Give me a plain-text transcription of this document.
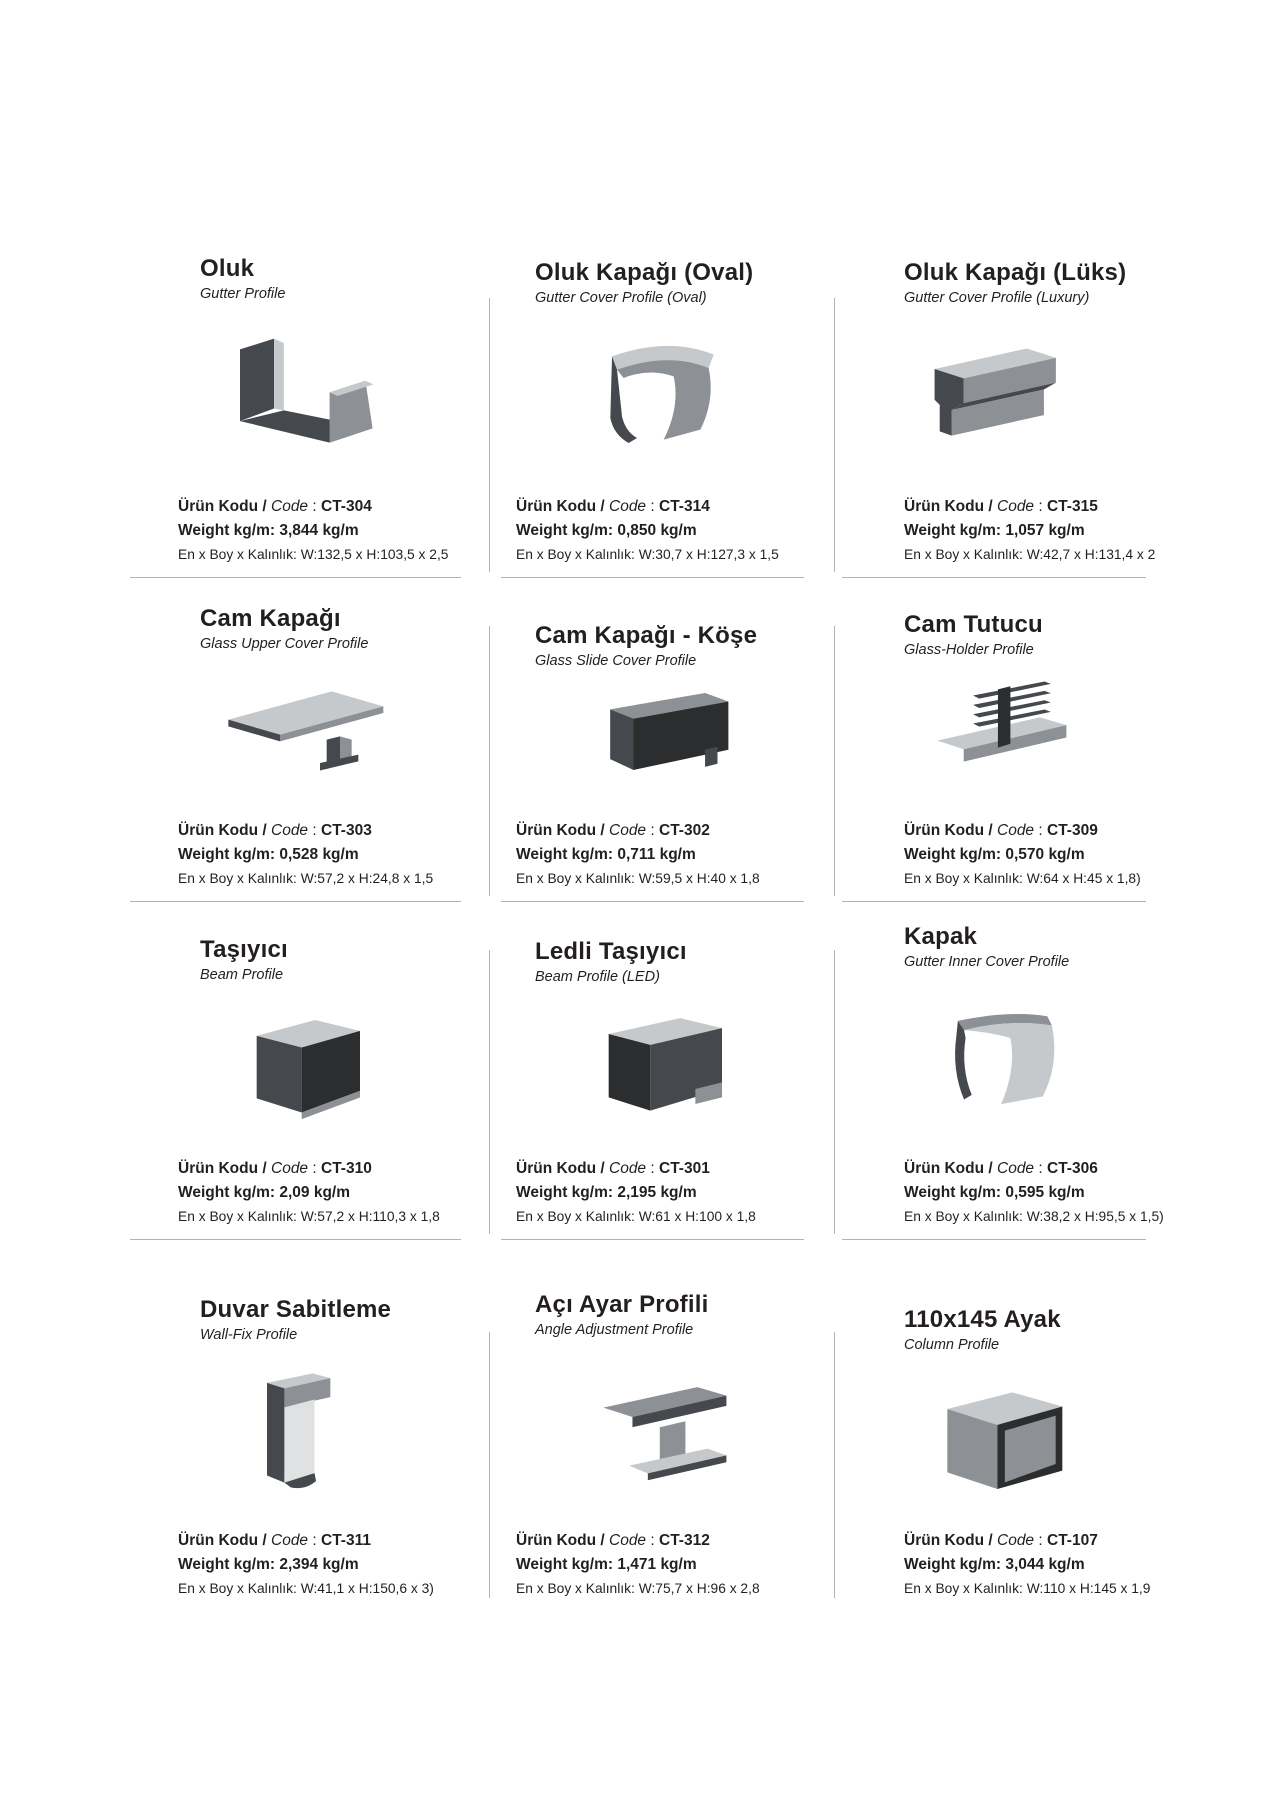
Oluk
Gutter Profile
Ürün Kodu / Code : CT-304
Weight kg/m: 3,844 kg/m
En x Boy x Kalınlık: W:132,5 x H:103,5 x 2,5
Oluk Kapağı (Oval)
Gutter Cover Profile (Oval)
Ürün Kodu / Code : CT-314
Weight kg/m: 0,850 kg/m
En x Boy x Kalınlık: W:30,7 x H:127,3 x 1,5
Oluk Kapağı (Lüks)
Gutter Cover Profile (Luxury)
Ürün Kodu / Code : CT-315
Weight kg/m: 1,057 kg/m
En x Boy x Kalınlık: W:42,7 x H:131,4 x 2
Cam Kapağı
Glass Upper Cover Profile
Ürün Kodu / Code : CT-303
Weight kg/m: 0,528 kg/m
En x Boy x Kalınlık: W:57,2 x H:24,8 x 1,5
Cam Kapağı - Köşe
Glass Slide Cover Profile
Ürün Kodu / Code : CT-302
Weight kg/m: 0,711 kg/m
En x Boy x Kalınlık: W:59,5 x H:40 x 1,8
Cam Tutucu
Glass-Holder Profile
Ürün Kodu / Code : CT-309
Weight kg/m: 0,570 kg/m
En x Boy x Kalınlık: W:64 x H:45 x 1,8)
Taşıyıcı
Beam Profile
Ürün Kodu / Code : CT-310
Weight kg/m: 2,09 kg/m
En x Boy x Kalınlık: W:57,2 x H:110,3 x 1,8
Ledli Taşıyıcı
Beam Profile (LED)
Ürün Kodu / Code : CT-301
Weight kg/m: 2,195 kg/m
En x Boy x Kalınlık: W:61 x H:100 x 1,8
Kapak
Gutter Inner Cover Profile
Ürün Kodu / Code : CT-306
Weight kg/m: 0,595 kg/m
En x Boy x Kalınlık: W:38,2 x H:95,5 x 1,5)
Duvar Sabitleme
Wall-Fix Profile
Ürün Kodu / Code : CT-311
Weight kg/m: 2,394 kg/m
En x Boy x Kalınlık: W:41,1 x H:150,6 x 3)
Açı Ayar Profili
Angle Adjustment Profile
Ürün Kodu / Code : CT-312
Weight kg/m: 1,471 kg/m
En x Boy x Kalınlık: W:75,7 x H:96 x 2,8
110x145 Ayak
Column Profile
Ürün Kodu / Code : CT-107
Weight kg/m: 3,044 kg/m
En x Boy x Kalınlık: W:110 x H:145 x 1,9
